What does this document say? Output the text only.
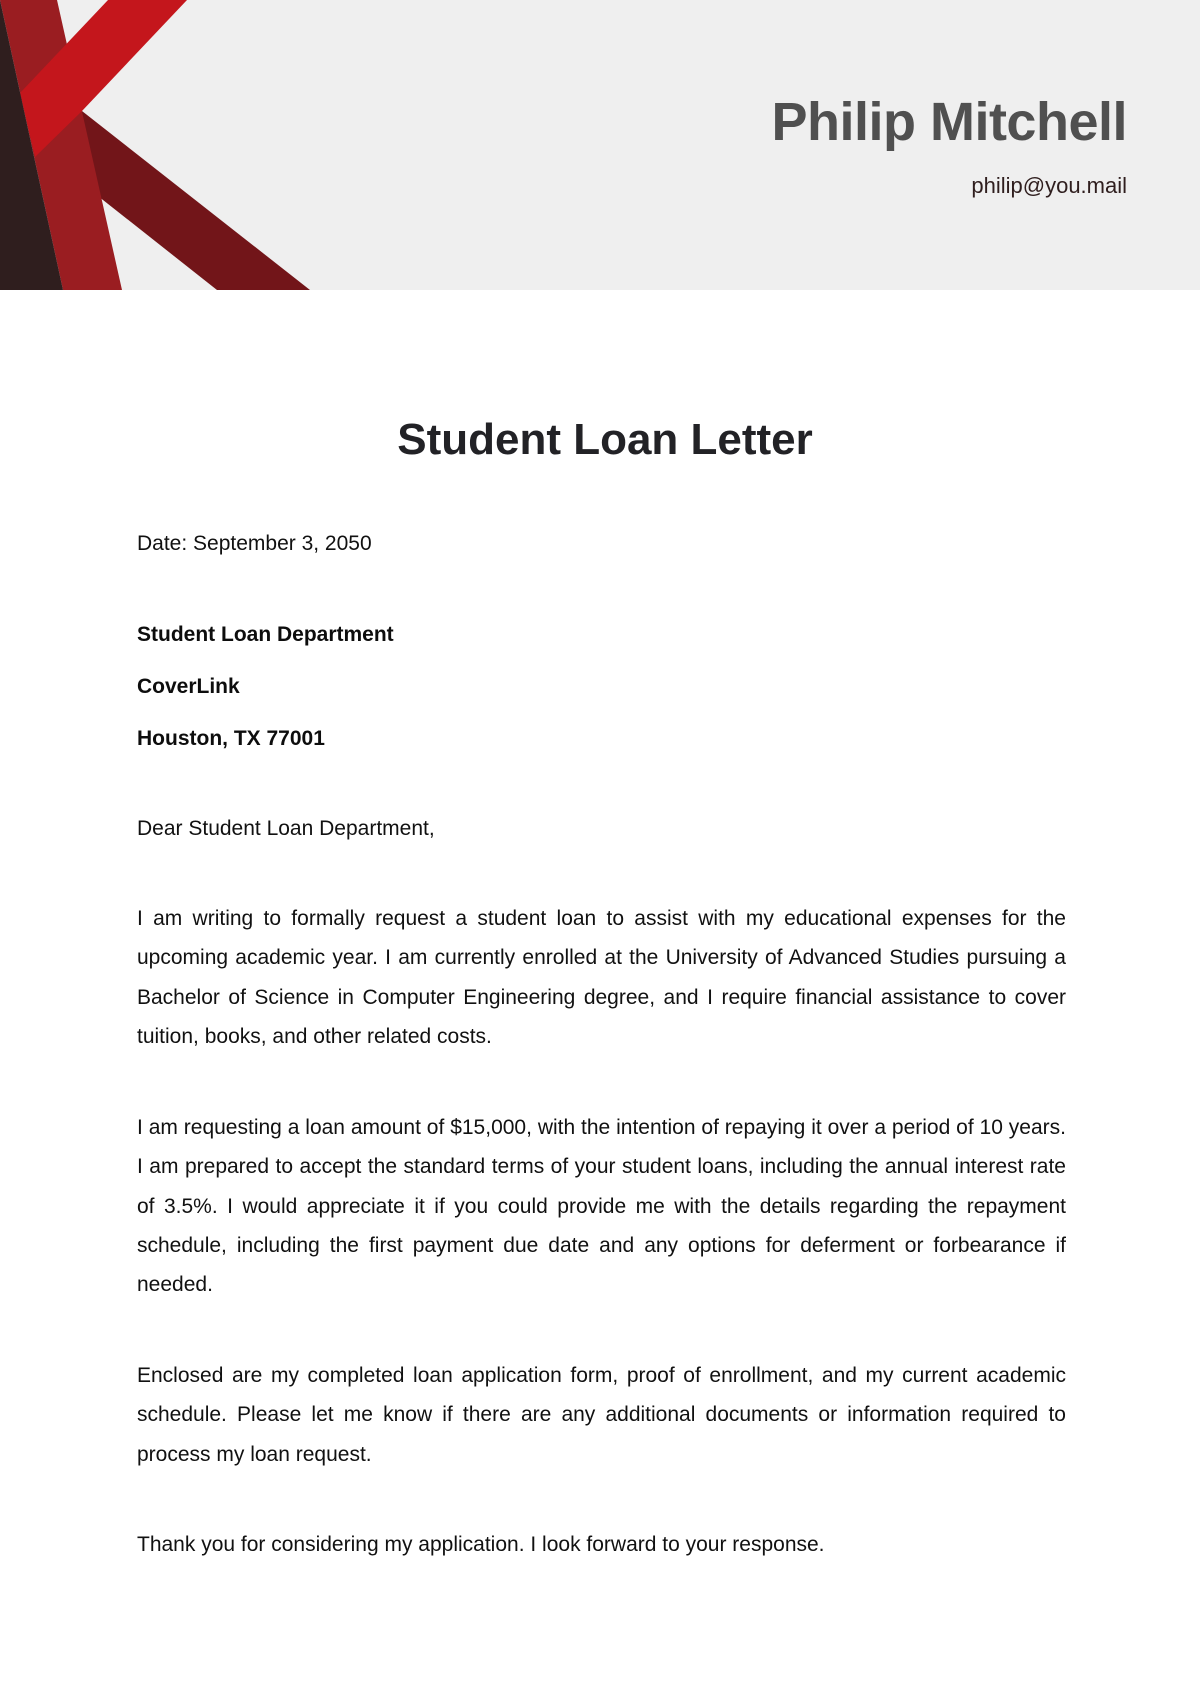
Philip Mitchell
philip@you.mail
Student Loan Letter

Date: September 3, 2050

Student Loan Department
CoverLink
Houston, TX 77001

Dear Student Loan Department,

I am writing to formally request a student loan to assist with my educational expenses for the upcoming academic year. I am currently enrolled at the University of Advanced Studies pursuing a Bachelor of Science in Computer Engineering degree, and I require financial assistance to cover tuition, books, and other related costs.

I am requesting a loan amount of $15,000, with the intention of repaying it over a period of 10 years. I am prepared to accept the standard terms of your student loans, including the annual interest rate of 3.5%. I would appreciate it if you could provide me with the details regarding the repayment schedule, including the first payment due date and any options for deferment or forbearance if needed.

Enclosed are my completed loan application form, proof of enrollment, and my current academic schedule. Please let me know if there are any additional documents or information required to process my loan request.

Thank you for considering my application. I look forward to your response.
